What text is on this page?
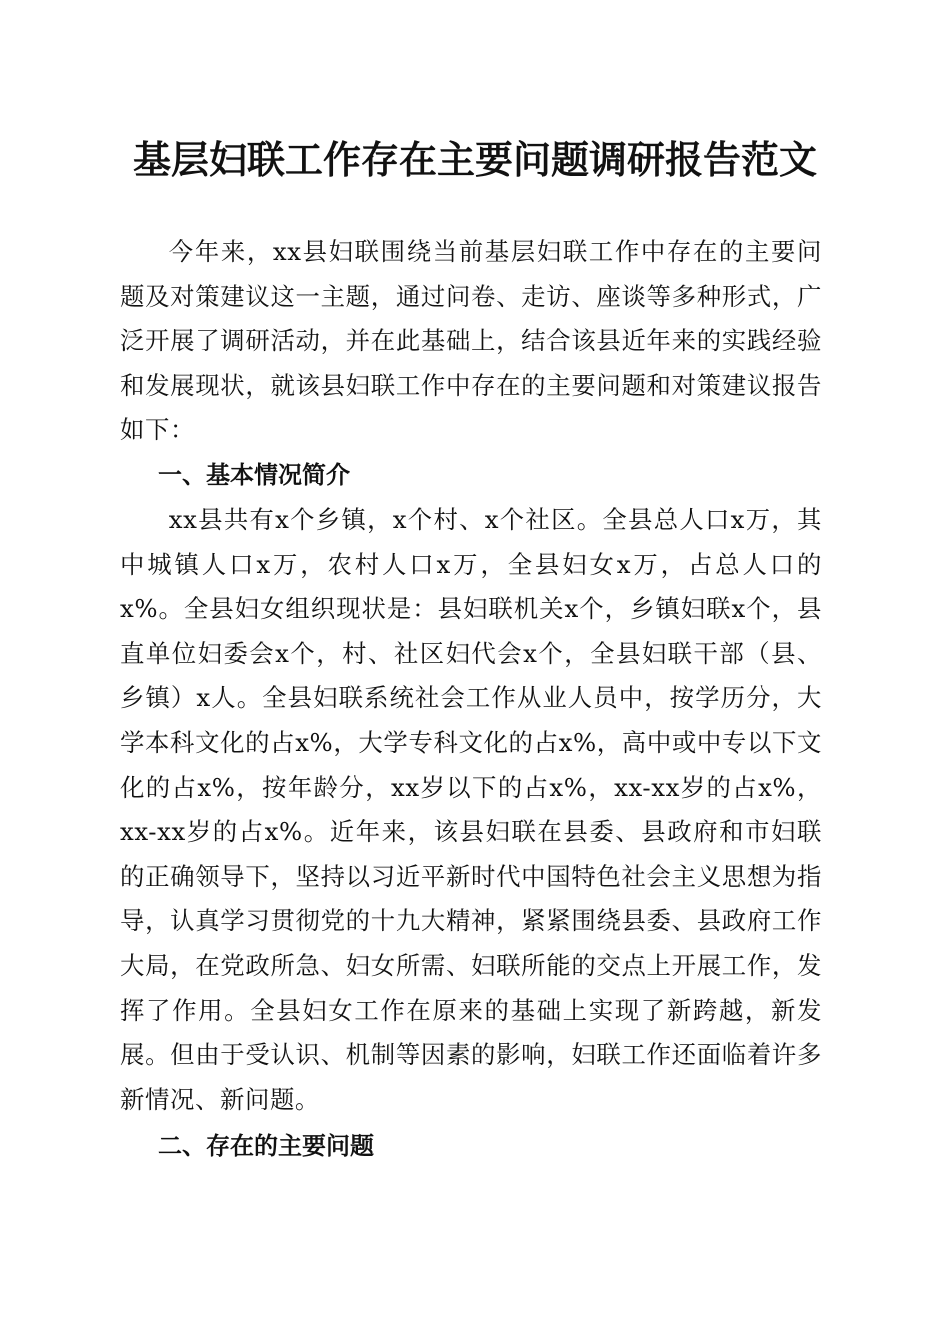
基层妇联工作存在主要问题调研报告范文

今年来，xx县妇联围绕当前基层妇联工作中存在的主要问题及对策建议这一主题，通过问卷、走访、座谈等多种形式，广泛开展了调研活动，并在此基础上，结合该县近年来的实践经验和发展现状，就该县妇联工作中存在的主要问题和对策建议报告如下：

一、基本情况简介

xx县共有x个乡镇，x个村、x个社区。全县总人口x万，其中城镇人口x万，农村人口x万，全县妇女x万，占总人口的x%。全县妇女组织现状是：县妇联机关x个，乡镇妇联x个，县直单位妇委会x个，村、社区妇代会x个，全县妇联干部（县、乡镇）x人。全县妇联系统社会工作从业人员中，按学历分，大学本科文化的占x%，大学专科文化的占x%，高中或中专以下文化的占x%，按年龄分，xx岁以下的占x%，xx-xx岁的占x%，xx-xx岁的占x%。近年来，该县妇联在县委、县政府和市妇联的正确领导下，坚持以习近平新时代中国特色社会主义思想为指导，认真学习贯彻党的十九大精神，紧紧围绕县委、县政府工作大局，在党政所急、妇女所需、妇联所能的交点上开展工作，发挥了作用。全县妇女工作在原来的基础上实现了新跨越，新发展。但由于受认识、机制等因素的影响，妇联工作还面临着许多新情况、新问题。

二、存在的主要问题
